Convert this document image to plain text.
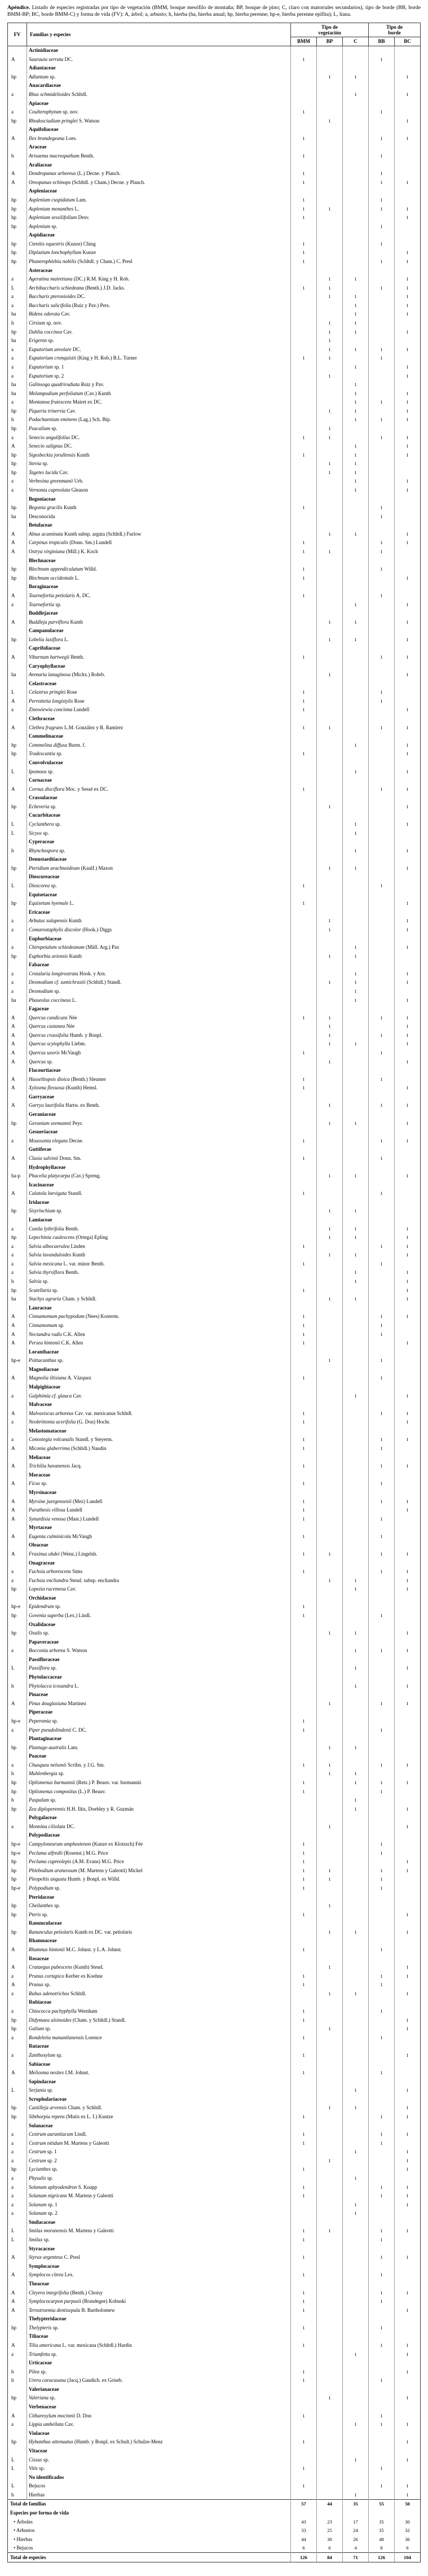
Apéndice. Listado de especies registradas por tipo de vegetación (BMM, bosque mesófilo de montaña; BP, bosque de pino; C, claro con matorrales secundarios), tipo de borde (BB, borde BMM-BP; BC, borde BMM-C) y forma de vida (FV): A, árbol; a, arbusto; h, hierba (ha, hierba anual; hp, hierba perenne; hp-e, hierba perenne epífita); L, liana.

FV	Familias y especies	Tipo de vegetación			Tipo de borde	

		BMM	BP	C	BB	BC
	Actinidiaceae					
A	Saurauia serrata DC.	1			1	
	Adiantaceae					
hp	Adiantum sp.		1	1		1
	Anacardiaceae					
a	Rhus schmidelioides Schltdl.			1		1
	Apiaceae					
a	Coulterophytum sp. nov.	1			1	
hp	Rhodosciadium pringlei S. Watson		1			1
	Aquifoliaceae					
A	Ilex brandegeana Loes.	1			1	1
	Araceae					
h	Arisaema macrospathum Benth.	1			1	
	Araliaceae					
A	Dendropanax arboreus (L.) Decne. y Planch.	1			1	
A	Oreopanax echinops (Schltdl. y Cham.) Decne. y Planch.	1			1	1
	Aspleniaceae					
hp	Asplenium cuspidatum Lam.	1			1	
hp	Asplenium monanthes L.	1	1		1	1
hp	Asplenium sessilifolium Desv.	1				1
hp	Asplenium sp.				1	
	Aspidiaceae					
hp	Ctenitis equestris (Kunze) Ching	1			1	
hp	Diplazium lonchophyllum Kunze	1				1
hp	Phanerophlebia nobilis (Schltdl. y Cham.) C. Presl	1			1	1
	Asteraceae					
a	Ageratina mairetiana (DC.) R.M. King y H. Rob.		1	1		1
L	Archibaccharis schiedeana (Benth.) J.D. Jacks.	1	1		1	1
a	Baccharis pteronioides DC.		1	1		1
a	Baccharis salicifolia (Ruiz y Pav.) Pers.			1		1
ha	Bidens odorata Cav.			1		1
h	Cirsium sp. nov.		1	1		
hp	Dahlia coccinea Cav.		1	1		1
ha	Erigeron sp.		1			
a	Eupatorium areolare DC.		1	1	1	1
a	Eupatorium cronquistii (King y H. Rob.) B.L. Turner	1	1		1	
a	Eupatorium sp. 1			1		1
a	Eupatorium sp. 2		1			1
ha	Galinsoga quadriradiata Ruiz y Pav.			1		
ha	Melampodium perfoliatum (Cav.) Kunth			1		1
a	Montanoa frutescens Mairet ex DC.			1	1	1
hp	Piqueria trinervia Cav.		1	1		1
h	Podachaenium eminens (Lag.) Sch. Bip.			1	1	1
hp	Psacalium sp.		1			
a	Senecio angulifolius DC.	1	1		1	1
A	Senecio salignus DC.			1		1
hp	Sigesbeckia jorullensis Kunth	1		1		1
hp	Stevia sp.		1	1		
hp	Tagetes lucida Cav.		1	1		
a	Verbesina greenmanii Urb.			1		1
a	Vernonia capreolata Gleason			1		1
	Begoniaceae					
hp	Begonia gracilis Kunth	1			1	
ha	Desconocida				1	
	Betulaceae					
A	Alnus acuminata Kunth subsp. arguta (Schltdl.) Furlow		1	1		1
A	Carpinus tropicalis (Donn. Sm.) Lundell	1			1	1
A	Ostrya virginiana (Mill.) K. Koch	1	1		1	
	Blechnaceae					
hp	Blechnum appendiculatum Willd.	1			1	
hp	Blechnum occidentale L.	1				1
	Boraginaceae					
A	Tournefortia petiolaris A. DC.	1			1	
a	Tournefortia sp.			1		1
	Buddlejaceae					
A	Buddleja parviflora Kunth		1	1		1
	Campanulaceae					
hp	Lobelia laxiflora L.		1	1		1
	Caprifoliaceae					
A	Viburnum hartwegii Benth.	1			1	1
	Caryophyllaceae					
ha	Arenaria lanuginosa (Michx.) Rohrb.		1			1
	Celastraceae					
L	Celastrus pringlei Rose	1			1	
A	Perrottetia longistylis Rose	1			1	
a	Zinowiewia concinna Lundell	1				1
	Clethraceae					
A	Clethra fragrans L.M. González y R. Ramírez	1	1		1	1
	Commelinaceae					
hp	Commelina diffusa Burm. f.			1		1
hp	Tradescantia sp.	1				1
	Convolvulaceae					
L	Ipomoea sp.			1		1
	Cornaceae					
A	Cornus disciflora Moc. y Sessé ex DC.	1			1	1
	Crassulaceae					
hp	Echeveria sp.		1			1
	Cucurbitaceae					
L	Cyclanthera sp.			1		1
L	Sicyos sp.			1		
	Cyperaceae					
h	Rhynchospora sp.			1		1
	Dennstaedtiaceae					
hp	Pteridium arachnoideum (Kaulf.) Maxon		1	1		1
	Dioscoreaceae					
L	Dioscorea sp.	1			1	
	Equisetaceae					
hp	Equisetum hyemale L.	1				1
	Ericaceae					
a	Arbutus xalapensis Kunth		1			1
a	Comarostaphylis discolor (Hook.) Diggs		1			1
	Euphorbiaceae					
a	Chiropetalum schiedeanum (Müll. Arg.) Pax			1		1
hp	Euphorbia ariensis Kunth		1	1		
	Fabaceae					
a	Crotalaria longirostrata Hook. y Arn.			1		1
a	Desmodium cf. sumichrastii (Schltdl.) Standl.		1	1		1
a	Desmodium sp.			1		
ha	Phaseolus coccineus L.			1		1
	Fagaceae					
A	Quercus candicans Née	1	1		1	1
A	Quercus castanea Née		1			1
A	Quercus crassifolia Humb. y Bonpl.		1		1	1
A	Quercus scytophylla Liebm.		1	1		1
A	Quercus uxoris McVaugh	1			1	
A	Quercus sp.		1			1
	Flacourtiaceae					
A	Hasseltiopsis dioica (Benth.) Sleumer	1			1	
A	Xylosma flexuosa (Kunth) Hemsl.	1				1
	Garryaceae					
A	Garrya laurifolia Hartw. ex Benth.		1		1	1
	Geraniaceae					
hp	Geranium seemannii Peyr.		1	1		1
	Gesneriaceae					
a	Moussonia elegans Decne.	1			1	1
	Guttiferae					
A	Clusia salvinii Donn. Sm.	1			1	
	Hydrophyllaceae					
ha-p	Phacelia platycarpa (Cav.) Spreng.		1	1		1
	Icacinaceae					
A	Calatola laevigata Standl.	1			1	
	Iridaceae					
hp	Sisyrinchium sp.		1	1		
	Lamiaceae					
a	Cunila lythrifolia Benth.		1	1		1
hp	Lepechinia caulescens (Ortega) Epling		1	1		1
a	Salvia albocaerulea Linden	1			1	1
a	Salvia lavanduloides Kunth		1	1		1
a	Salvia mexicana L. var. minor Benth.	1			1	
a	Salvia thyrsiflora Benth.			1		1
h	Salvia sp.			1		1
hp	Scutellaria sp.	1				1
ha	Stachys agraria Cham. y Schltdl.		1	1		1
	Lauraceae					
A	Cinnamomum pachypodum (Nees) Kosterm.	1			1	1
A	Cinnamomum sp.	1			1	
A	Nectandra rudis C.K. Allen	1			1	
A	Persea hintonii C.K. Allen	1				1
	Loranthaceae					
hp-e	Psittacanthus sp.		1		1	
	Magnoliaceae					
A	Magnolia iltisiana A. Vázquez	1			1	
	Malpighiaceae					
a	Galphimia cf. glauca Cav.			1		1
	Malvaceae					
A	Malvaviscus arboreus Cav. var. mexicanus Schltdl.	1			1	1
a	Neobrittonia acerifolia (G. Don) Hochr.	1				1
	Melastomataceae					
a	Conostegia volcanalis Standl. y Steyerm.	1			1	1
A	Miconia glaberrima (Schltdl.) Naudin	1			1	
	Meliaceae					
A	Trichilia havanensis Jacq.	1			1	1
	Moraceae					
A	Ficus sp.	1			1	
	Myrsinaceae					
A	Myrsine juergensenii (Mez) Lundell	1			1	1
A	Parathesis villosa Lundell	1				1
A	Synardisia venosa (Mast.) Lundell	1			1	
	Myrtaceae					
A	Eugenia culminicola McVaugh	1			1	
	Oleaceae					
A	Fraxinus uhdei (Wenz.) Lingelsh.	1	1		1	1
	Onagraceae					
a	Fuchsia arborescens Sims	1			1	1
a	Fuchsia encliandra Steud. subsp. encliandra		1	1		1
hp	Lopezia racemosa Cav.			1		1
	Orchidaceae					
hp-e	Epidendrum sp.	1				
hp	Govenia superba (Lex.) Lindl.	1			1	
	Oxalidaceae					
hp	Oxalis sp.		1	1		1
	Papaveraceae					
a	Bocconia arborea S. Watson			1	1	1
	Passifloraceae					
L	Passiflora sp.			1		1
	Phytolaccaceae					
h	Phytolacca icosandra L.			1		1
	Pinaceae					
A	Pinus douglasiana Martínez		1		1	1
	Piperaceae					
hp-e	Peperomia sp.	1				
a	Piper pseudolindenii C. DC.	1			1	
	Plantaginaceae					
hp	Plantago australis Lam.		1	1		
	Poaceae					
a	Chusquea nelsonii Scribn. y J.G. Sm.	1	1		1	1
h	Muhlenbergia sp.		1	1		
hp	Oplismenus burmannii (Retz.) P. Beauv. var. burmannii	1		1	1	1
hp	Oplismenus compositus (L.) P. Beauv.	1			1	
h	Paspalum sp.			1		
hp	Zea diploperennis H.H. Iltis, Doebley y R. Guzmán			1		1
	Polygalaceae					
a	Monnina ciliolata DC.		1			1
	Polypodiaceae					
hp-e	Campyloneurum amphostenon (Kunze ex Klotzsch) Fée	1			1	
hp-e	Pecluma alfredii (Rosenst.) M.G. Price	1			1	
hp	Pecluma cupreolepis (A.M. Evans) M.G. Price	1				1
hp	Phlebodium araneosum (M. Martens y Galeotti) Mickel	1	1		1	1
hp	Pleopeltis angusta Humb. y Bonpl. ex Willd.	1	1		1	
hp-e	Polypodium sp.	1			1	
	Pteridaceae					
hp	Cheilanthes sp.		1			
hp	Pteris sp.	1				1
	Ranunculaceae					
hp	Ranunculus petiolaris Kunth ex DC. var. petiolaris		1	1		1
	Rhamnaceae					
A	Rhamnus hintonii M.C. Johnst. y L.A. Johnst.	1			1	
	Rosaceae					
A	Crataegus pubescens (Kunth) Steud.		1			1
a	Prunus cortapico Kerber ex Koehne	1			1	1
A	Prunus sp.	1			1	
a	Rubus adenotrichos Schltdl.		1	1		1
	Rubiaceae					
a	Chiococca pachyphylla Wernham	1			1	
hp	Didymaea alsinoides (Cham. y Schltdl.) Standl.	1				1
hp	Galium sp.		1			1
a	Rondeletia manantlanensis Lorence	1			1	
	Rutaceae					
a	Zanthoxylum sp.	1				1
	Sabiaceae					
A	Meliosma nesites I.M. Johnst.	1			1	
	Sapindaceae					
L	Serjania sp.			1		1
	Scrophulariaceae					
hp	Castilleja arvensis Cham. y Schltdl.		1	1		1
hp	Sibthorpia repens (Mutis ex L. f.) Kuntze	1			1	1
	Solanaceae					
a	Cestrum aurantiacum Lindl.	1			1	1
a	Cestrum nitidum M. Martens y Galeotti	1			1	
a	Cestrum sp. 1			1		1
a	Cestrum sp. 2		1			1
hp	Lycianthes sp.	1				1
a	Physalis sp.			1		
a	Solanum aphyodendron S. Knapp	1			1	1
a	Solanum nigricans M. Martens y Galeotti	1			1	1
a	Solanum sp. 1			1		1
a	Solanum sp. 2			1		
	Smilacaceae					
L	Smilax moranensis M. Martens y Galeotti	1	1		1	1
L	Smilax sp.	1			1	
	Styracaceae					
A	Styrax argenteus C. Presl	1			1	1
	Symplocaceae					
A	Symplocos citrea Lex.	1			1	
	Theaceae					
A	Cleyera integrifolia (Benth.) Choisy	1			1	1
A	Symplococarpon purpusii (Brandegee) Kobuski	1			1	
A	Ternstroemia dentisepala B. Bartholomew	1				1
	Thelypteridaceae					
hp	Thelypteris sp.	1			1	
	Tiliaceae					
A	Tilia americana L. var. mexicana (Schltdl.) Hardin	1			1	1
a	Triumfetta sp.			1		1
	Urticaceae					
h	Pilea sp.	1				1
h	Urera caracasana (Jacq.) Gaudich. ex Griseb.	1			1	
	Valerianaceae					
hp	Valeriana sp.		1			1
	Verbenaceae					
A	Citharexylum mocinnii D. Don	1			1	
a	Lippia umbellata Cav.			1	1	1
	Violaceae					
hp	Hybanthus attenuatus (Humb. y Bonpl. ex Schult.) Schulze-Menz	1				1
	Vitaceae					
L	Cissus sp.			1		1
L	Vitis sp.	1			1	
	No identificados					
L	Bejucos	1			1	1
h	Hierbas			1		1
Total de familias		57	44	35	55	50
Especies por forma de vida						
• Árboles		43	23	17	35	30
• Arbustos		33	25	24	35	32
• Hierbas		44	30	26	48	36
• Bejucos		6	6	4	8	6
Total de especies		126	84	71	126	104
